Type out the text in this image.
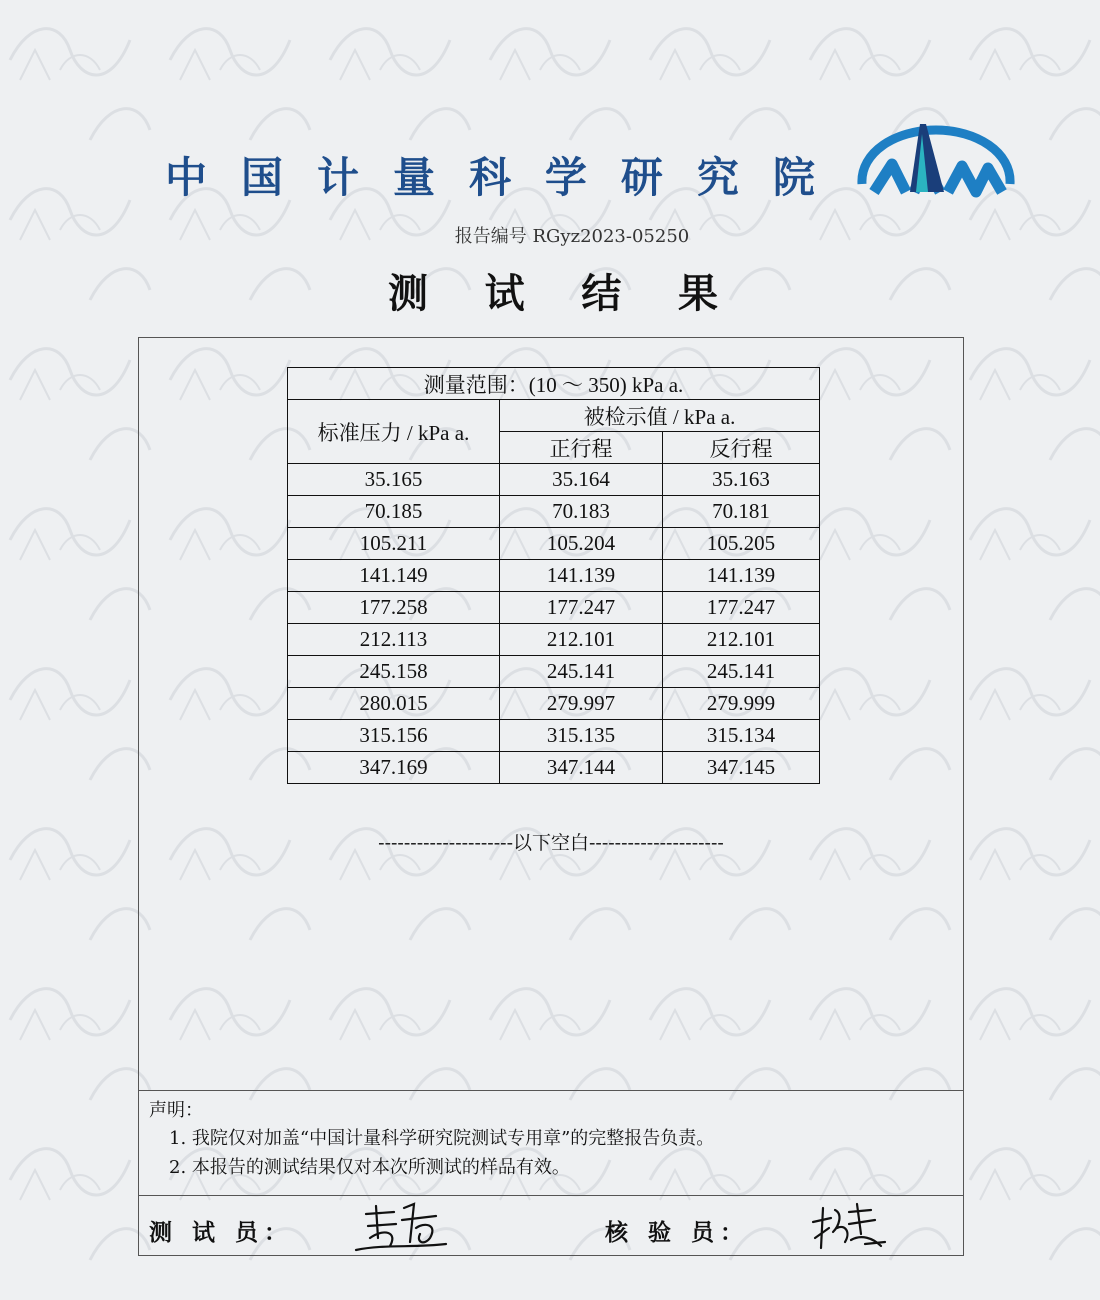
中 国 计 量 科 学 研 究 院
报告编号 RGyz2023-05250
测 试 结 果
测量范围：(10 ～ 350) kPa a.		
标准压力 / kPa a.	被检示值 / kPa a.	
	正行程	反行程
35.165	35.164	35.163
70.185	70.183	70.181
105.211	105.204	105.205
141.149	141.139	141.139
177.258	177.247	177.247
212.113	212.101	212.101
245.158	245.141	245.141
280.015	279.997	279.999
315.156	315.135	315.134
347.169	347.144	347.145
---------------------以下空白---------------------
声明：
1. 我院仅对加盖“中国计量科学研究院测试专用章”的完整报告负责。
2. 本报告的测试结果仅对本次所测试的样品有效。
测 试 员：	核 验 员：
